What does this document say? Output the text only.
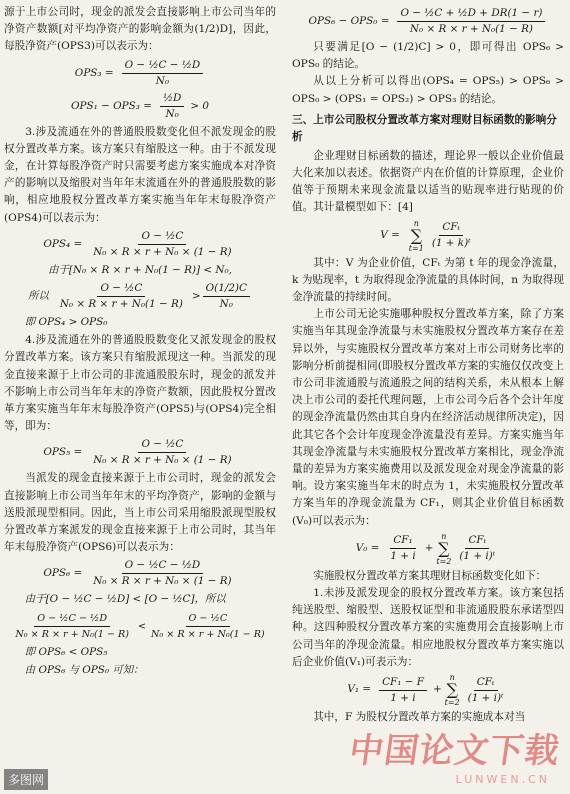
源于上市公司时，现金的派发会直接影响上市公司当年的净资产数额[对平均净资产的影响金额为(1/2)D]，因此，每股净资产(OPS3)可以表示为：

$OPS_3 = \frac{\text{O − ½C − ½D}}{\text{N₀}}$
$OPS_1 - OPS_3 = \frac{\text{½D}}{\text{N₀}} > 0$

3.涉及流通在外的普通股股数变化但不派发现金的股权分置改革方案。该方案只有缩股这一种。由于不派发现金，在计算每股净资产时只需要考虑方案实施成本对净资产的影响以及缩股对当年年末流通在外的普通股股数的影响，相应地股权分置改革方案实施当年年末每股净资产(OPS4)可以表示为：

$OPS_4 = \frac{\text{O − ½C}}{\text{N₀ × R × r + N₀ × (1 − R)}}$
由于[N₀ × R × r + N₀(1 − R)] < N₀,
所以 $\frac{\text{O − ½C}}{\text{N₀ × R × r + N₀(1 − R)}} > \frac{O(1/2)C}{\text{N₀}}$
即 OPS₄ > OPS₀

4.涉及流通在外的普通股股数变化又派发现金的股权分置改革方案。该方案只有缩股派现这一种。当派发的现金直接来源于上市公司的非流通股股东时，现金的派发并不影响上市公司当年年末的净资产数额，因此股权分置改革方案实施当年年末每股净资产(OPS5)与(OPS4)完全相等，即为：

$OPS_5 = \frac{\text{O − ½C}}{\text{N₀ × R × r + N₀ × (1 − R)}}$

当派发的现金直接来源于上市公司时，现金的派发会直接影响上市公司当年年末的平均净资产，影响的金额与送股派现型相同。因此，当上市公司采用缩股派现型股权分置改革方案派发的现金直接来源于上市公司时，其当年年末每股净资产(OPS6)可以表示为：

$OPS_6 = \frac{\text{O − ½C − ½D}}{\text{N₀ × R × r + N₀ × (1 − R)}}$
由于[O − ½C − ½D] < [O − ½C]，所以
$\frac{\text{O − ½C − ½D}}{\text{N₀ × R × r + N₀(1 − R)}} < \frac{\text{O − ½C}}{\text{N₀ × R × r + N₀(1 − R)}}$
即 OPS₆ < OPS₅
由 OPS₆ 与 OPS₀ 可知：
$OPS_6 - OPS_0 = \frac{\text{O − ½C + ½D + DR(1 − r)}}{\text{N₀ × R × r + N₀(1 − R)}}$

只要满足[O − (1/2)C] > 0，即可得出 OPS₆ > OPS₀ 的结论。

从以上分析可以得出(OPS₄ = OPS₅) > OPS₆ > OPS₀ > (OPS₁ = OPS₂) > OPS₃ 的结论。

三、上市公司股权分置改革方案对理财目标函数的影响分析

企业理财目标函数的描述，理论界一般以企业价值最大化来加以表述。依据资产内在价值的计算原理，企业价值等于预期未来现金流量以适当的贴现率进行贴现的价值。其计量模型如下：[4]

V =
n
∑
$t=1 \frac{\text{CFₜ}}{\text{(1 + k)ᵗ}}$

其中：V 为企业价值，CFₜ 为第 t 年的现金净流量，k 为贴现率，t 为取得现金净流量的具体时间，n 为取得现金净流量的持续时间。

上市公司无论实施哪种股权分置改革方案，除了方案实施当年其现金净流量与未实施股权分置改革方案存在差异以外，与实施股权分置改革方案对上市公司财务比率的影响分析前提相同(即股权分置改革方案的实施仅仅改变上市公司非流通股与流通股之间的结构关系，未从根本上解决上市公司的委托代理问题，上市公司今后各个会计年度的现金净流量仍然由其自身内在经济活动规律所决定)，因此其它各个会计年度现金净流量没有差异。方案实施当年其现金净流量与未实施股权分置改革方案相比，现金净流量的差异为方案实施费用以及派发现金对现金净流量的影响。设方案实施当年末的时点为 1，未实施股权分置改革方案当年的净现金流量为 CF₁，则其企业价值目标函数(V₀)可以表示为：

$V_0 = \frac{\text{CF₁}}{1 + i}$ +
n
∑
$t=2 \frac{\text{CFₜ}}{\text{(1 + i)ᵗ}}$

实施股权分置改革方案其理财目标函数变化如下：

1.未涉及派发现金的股权分置改革方案。该方案包括纯送股型、缩股型、送股权证型和非流通股股东承诺型四种。这四种股权分置改革方案的实施费用会直接影响上市公司当年的净现金流量。相应地股权分置改革方案实施以后企业价值(V₁)可表示为：

$V_1 = \frac{\text{CF₁ − F}}{1 + i}$ +
n
∑
$t=2 \frac{\text{CFₜ}}{\text{(1 + i)ᵗ}}$

其中，F 为股权分置改革方案的实施成本对当

中国论文下载
LUNWEN.CN
多图网
